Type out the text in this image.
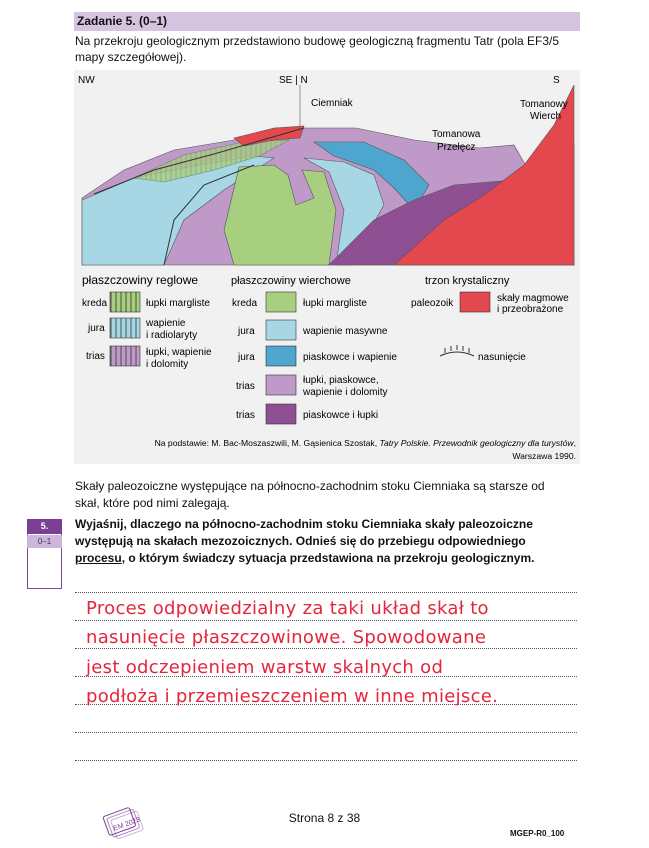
Zadanie 5. (0–1)
Na przekroju geologicznym przedstawiono budowę geologiczną fragmentu Tatr (pola EF3/5
mapy szczegółowej).
NW	SE | N	S
Ciemniak
Tomanowa
Przełęcz
Tomanowy
Wierch
płaszczowiny reglowe
kreda	łupki margliste
jura	wapienie
i radiolaryty
trias	łupki, wapienie
i dolomity
płaszczowiny wierchowe
kreda	łupki margliste
jura	wapienie masywne
jura	piaskowce i wapienie
trias
łupki, piaskowce,
wapienie i dolomity
trias	piaskowce i łupki
trzon krystaliczny
paleozoik	skały magmowe
i przeobrażone
nasunięcie
Na podstawie: M. Bac-Moszaszwili, M. Gąsienica Szostak, Tatry Polskie. Przewodnik geologiczny dla turystów,
Warszawa 1990.
Skały paleozoiczne występujące na północno-zachodnim stoku Ciemniaka są starsze od
skał, które pod nimi zalegają.
5.
0–1
Wyjaśnij, dlaczego na północno-zachodnim stoku Ciemniaka skały paleozoiczne
występują na skałach mezozoicznych. Odnieś się do przebiegu odpowiedniego
procesu, o którym świadczy sytuacja przedstawiona na przekroju geologicznym.
Proces odpowiedzialny za taki układ skał to
nasunięcie płaszczowinowe. Spowodowane
jest odczepieniem warstw skalnych od
podłoża i przemieszczeniem w inne miejsce.
EM 2023	Strona 8 z 38
MGEP-R0_100
